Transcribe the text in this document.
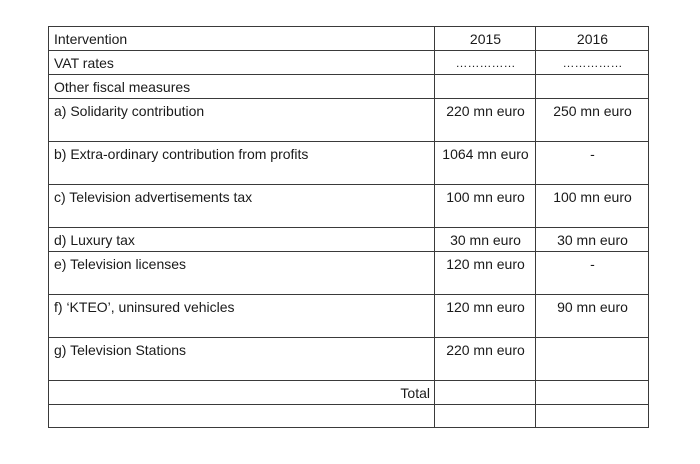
Intervention	2015	2016
VAT rates	……………	……………
Other fiscal measures		
a) Solidarity contribution	220 mn euro	250 mn euro
b) Extra-ordinary contribution from profits	1064 mn euro	-
c) Television advertisements tax	100 mn euro	100 mn euro
d) Luxury tax	30 mn euro	30 mn euro
e) Television licenses	120 mn euro	-
f) ‘KTEO’, uninsured vehicles	120 mn euro	90 mn euro
g) Television Stations	220 mn euro	
Total		
